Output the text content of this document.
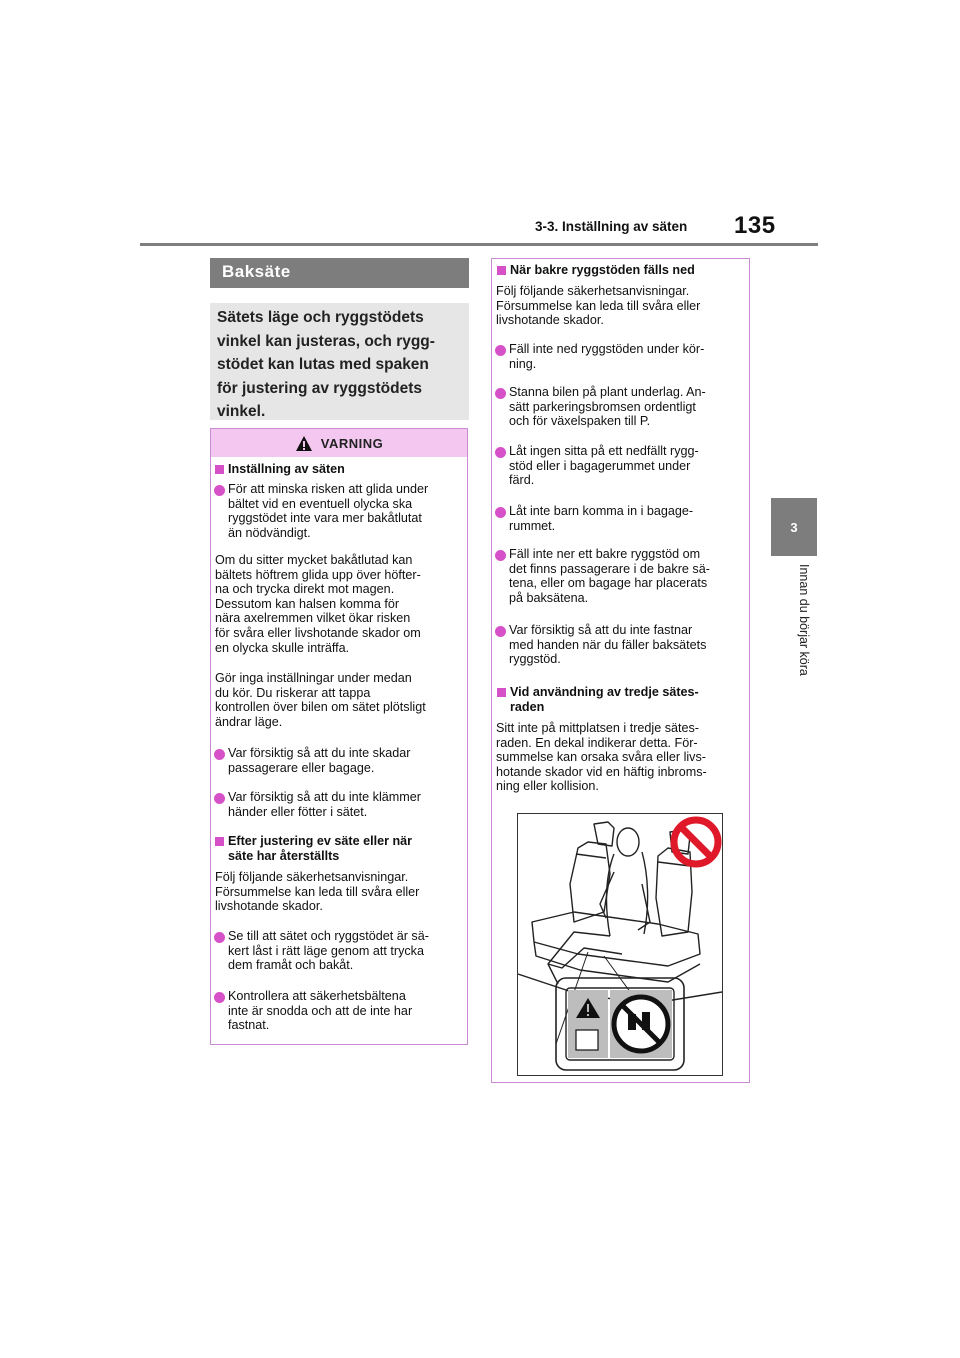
3-3. Inställning av säten 135
3
Innan du börjar köra
Baksäte
Sätets läge och ryggstödets
vinkel kan justeras, och rygg-
stödet kan lutas med spaken
för justering av ryggstödets
vinkel.
VARNING
Inställning av säten
För att minska risken att glida under
bältet vid en eventuell olycka ska
ryggstödet inte vara mer bakåtlutat
än nödvändigt.
Om du sitter mycket bakåtlutad kan
bältets höftrem glida upp över höfter-
na och trycka direkt mot magen.
Dessutom kan halsen komma för
nära axelremmen vilket ökar risken
för svåra eller livshotande skador om
en olycka skulle inträffa.
Gör inga inställningar under medan
du kör. Du riskerar att tappa
kontrollen över bilen om sätet plötsligt
ändrar läge.
Var försiktig så att du inte skadar
passagerare eller bagage.
Var försiktig så att du inte klämmer
händer eller fötter i sätet.
Efter justering ev säte eller när
säte har återställts
Följ följande säkerhetsanvisningar.
Försummelse kan leda till svåra eller
livshotande skador.
Se till att sätet och ryggstödet är sä-
kert låst i rätt läge genom att trycka
dem framåt och bakåt.
Kontrollera att säkerhetsbältena
inte är snodda och att de inte har
fastnat.
När bakre ryggstöden fälls ned
Följ följande säkerhetsanvisningar.
Försummelse kan leda till svåra eller
livshotande skador.
Fäll inte ned ryggstöden under kör-
ning.
Stanna bilen på plant underlag. An-
sätt parkeringsbromsen ordentligt
och för växelspaken till P.
Låt ingen sitta på ett nedfällt rygg-
stöd eller i bagagerummet under
färd.
Låt inte barn komma in i bagage-
rummet.
Fäll inte ner ett bakre ryggstöd om
det finns passagerare i de bakre sä-
tena, eller om bagage har placerats
på baksätena.
Var försiktig så att du inte fastnar
med handen när du fäller baksätets
ryggstöd.
Vid användning av tredje sätes-
raden
Sitt inte på mittplatsen i tredje sätes-
raden. En dekal indikerar detta. För-
summelse kan orsaka svåra eller livs-
hotande skador vid en häftig inbroms-
ning eller kollision.
